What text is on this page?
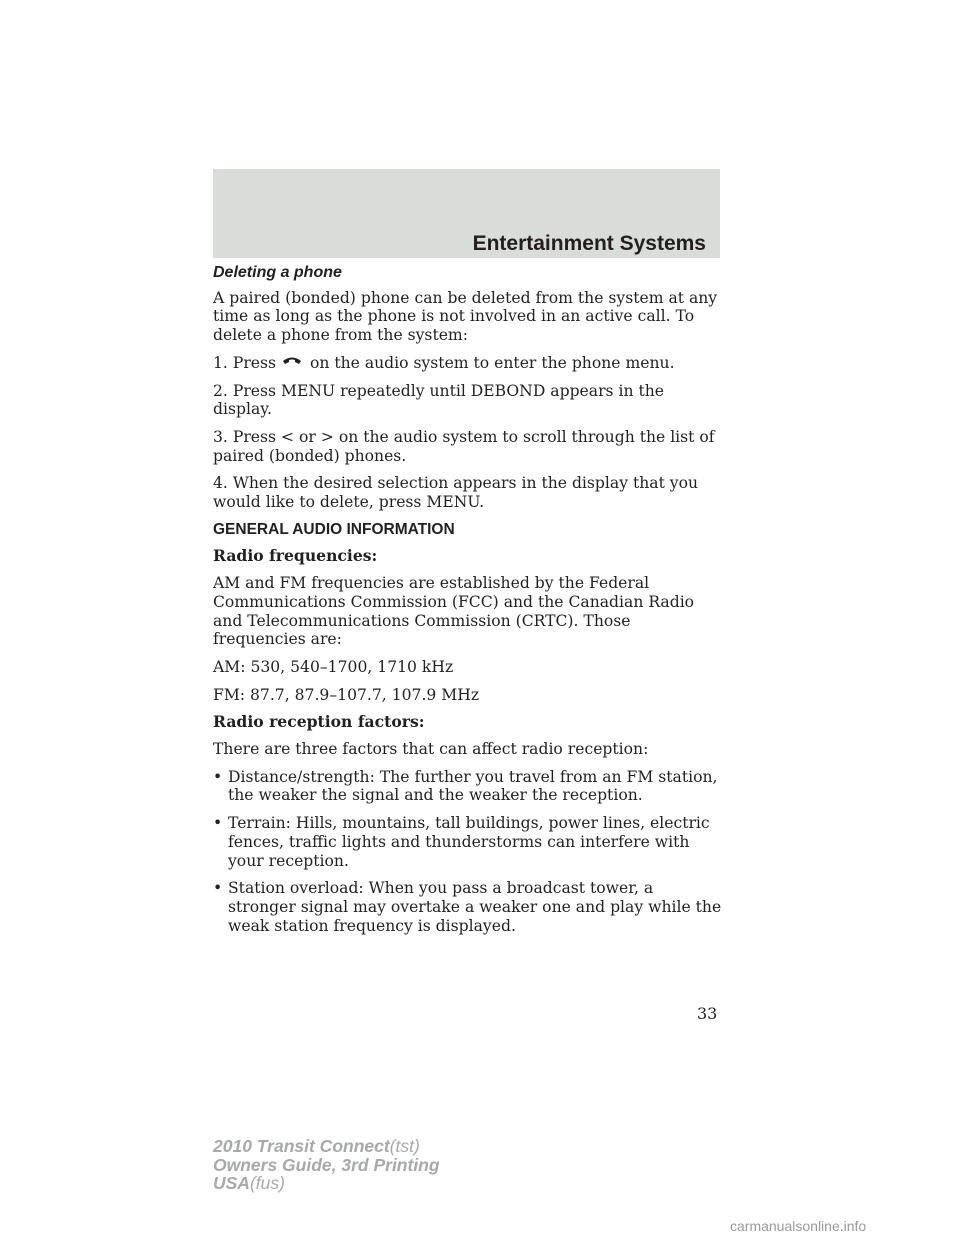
Entertainment Systems

Deleting a phone

A paired (bonded) phone can be deleted from the system at any time as long as the phone is not involved in an active call. To delete a phone from the system:

1. Press on the audio system to enter the phone menu.

2. Press MENU repeatedly until DEBOND appears in the display.

3. Press < or > on the audio system to scroll through the list of paired (bonded) phones.

4. When the desired selection appears in the display that you would like to delete, press MENU.

GENERAL AUDIO INFORMATION

Radio frequencies:

AM and FM frequencies are established by the Federal Communications Commission (FCC) and the Canadian Radio and Telecommunications Commission (CRTC). Those frequencies are:

AM: 530, 540–1700, 1710 kHz

FM: 87.7, 87.9–107.7, 107.9 MHz

Radio reception factors:

There are three factors that can affect radio reception:

• Distance/strength: The further you travel from an FM station, the weaker the signal and the weaker the reception.
• Terrain: Hills, mountains, tall buildings, power lines, electric fences, traffic lights and thunderstorms can interfere with your reception.
• Station overload: When you pass a broadcast tower, a stronger signal may overtake a weaker one and play while the weak station frequency is displayed.
33
2010 Transit Connect(tst)
Owners Guide, 3rd Printing
USA(fus)
carmanualsonline.info
